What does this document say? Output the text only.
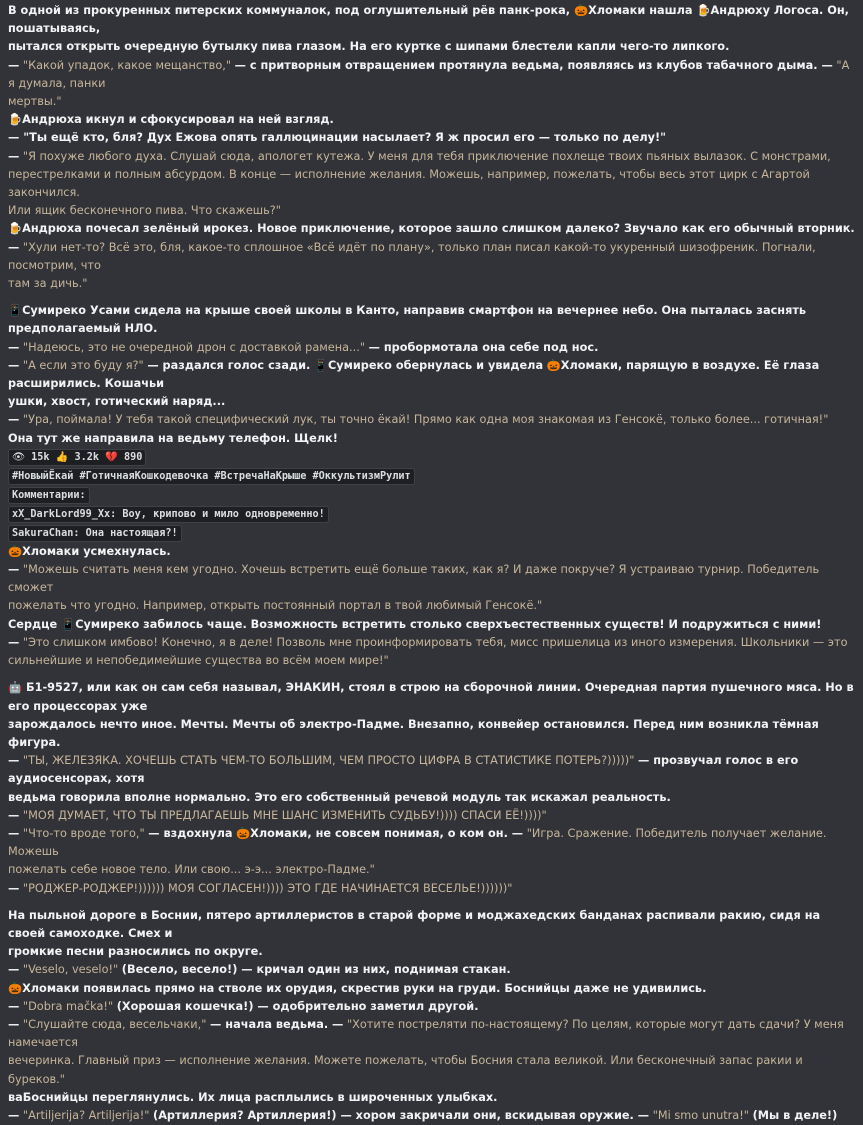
В одной из прокуренных питерских коммуналок, под оглушительный рёв панк-рока, 🎃Хломаки нашла 🍺Андрюху Логоса. Он, пошатываясь,

пытался открыть очередную бутылку пива глазом. На его куртке с шипами блестели капли чего-то липкого.

— "Какой упадок, какое мещанство," — с притворным отвращением протянула ведьма, появляясь из клубов табачного дыма. — "А я думала, панки

мертвы."

🍺Андрюха икнул и сфокусировал на ней взгляд.

— "Ты ещё кто, бля? Дух Ежова опять галлюцинации насылает? Я ж просил его — только по делу!"

— "Я похуже любого духа. Слушай сюда, апологет кутежа. У меня для тебя приключение похлеще твоих пьяных вылазок. С монстрами,

перестрелками и полным абсурдом. В конце — исполнение желания. Можешь, например, пожелать, чтобы весь этот цирк с Агартой закончился.

Или ящик бесконечного пива. Что скажешь?"

🍺Андрюха почесал зелёный ирокез. Новое приключение, которое зашло слишком далеко? Звучало как его обычный вторник.

— "Хули нет-то? Всё это, бля, какое-то сплошное «Всё идёт по плану», только план писал какой-то укуренный шизофреник. Погнали, посмотрим, что

там за дичь."

📱Сумиреко Усами сидела на крыше своей школы в Канто, направив смартфон на вечернее небо. Она пыталась заснять предполагаемый НЛО.

— "Надеюсь, это не очередной дрон с доставкой рамена..." — пробормотала она себе под нос.

— "А если это буду я?" — раздался голос сзади. 📱Сумиреко обернулась и увидела 🎃Хломаки, парящую в воздухе. Её глаза расширились. Кошачьи

ушки, хвост, готический наряд...

— "Ура, поймала! У тебя такой специфический лук, ты точно ёкай! Прямо как одна моя знакомая из Генсокё, только более... готичная!"

Она тут же направила на ведьму телефон. Щелк!

👁 15k 👍 3.2k 💔 890
#НовыйЁкай #ГотичнаяКошкодевочка #ВстречаНаКрыше #ОккультизмРулит
Комментарии:
xX_DarkLord99_Xx: Boy, крипово и мило одновременно!
SakuraChan: Она настоящая?!

🎃Хломаки усмехнулась.

— "Можешь считать меня кем угодно. Хочешь встретить ещё больше таких, как я? И даже покруче? Я устраиваю турнир. Победитель сможет

пожелать что угодно. Например, открыть постоянный портал в твой любимый Генсокё."

Сердце 📱Сумиреко забилось чаще. Возможность встретить столько сверхъестественных существ! И подружиться с ними!

— "Это слишком имбово! Конечно, я в деле! Позволь мне проинформировать тебя, мисс пришелица из иного измерения. Школьники — это

сильнейшие и непобедимейшие существа во всём моем мире!"

🤖 Б1-9527, или как он сам себя называл, ЭНАКИН, стоял в строю на сборочной линии. Очередная партия пушечного мяса. Но в его процессорах уже

зарождалось нечто иное. Мечты. Мечты об электро-Падме. Внезапно, конвейер остановился. Перед ним возникла тёмная фигура.

— "ТЫ, ЖЕЛЕЗЯКА. ХОЧЕШЬ СТАТЬ ЧЕМ-ТО БОЛЬШИМ, ЧЕМ ПРОСТО ЦИФРА В СТАТИСТИКЕ ПОТЕРЬ?)))))" — прозвучал голос в его аудиосенсорах, хотя

ведьма говорила вполне нормально. Это его собственный речевой модуль так искажал реальность.

— "МОЯ ДУМАЕТ, ЧТО ТЫ ПРЕДЛАГАЕШЬ МНЕ ШАНС ИЗМЕНИТЬ СУДЬБУ!)))) СПАСИ ЕЁ!))))"

— "Что-то вроде того," — вздохнула 🎃Хломаки, не совсем понимая, о ком он. — "Игра. Сражение. Победитель получает желание. Можешь

пожелать себе новое тело. Или свою... э-э... электро-Падме."

— "РОДЖЕР-РОДЖЕР!)))))) МОЯ СОГЛАСЕН!)))) ЭТО ГДЕ НАЧИНАЕТСЯ ВЕСЕЛЬЕ!))))))"

На пыльной дороге в Боснии, пятеро артиллеристов в старой форме и моджахедских банданах распивали ракию, сидя на своей самоходке. Смех и

громкие песни разносились по округе.

— "Veselo, veselo!" (Весело, весело!) — кричал один из них, поднимая стакан.

🎃Хломаки появилась прямо на стволе их орудия, скрестив руки на груди. Боснийцы даже не удивились.

— "Dobra mačka!" (Хорошая кошечка!) — одобрительно заметил другой.

— "Слушайте сюда, весельчаки," — начала ведьма. — "Хотите постреляти по-настоящему? По целям, которые могут дать сдачи? У меня намечается

вечеринка. Главный приз — исполнение желания. Можете пожелать, чтобы Босния стала великой. Или бесконечный запас ракии и буреков."

ваБоснийцы переглянулись. Их лица расплылись в широченных улыбках.

— "Artiljerija? Artiljerija!" (Артиллерия? Артиллерия!) — хором закричали они, вскидывая оружие. — "Mi smo unutra!" (Мы в деле!)
